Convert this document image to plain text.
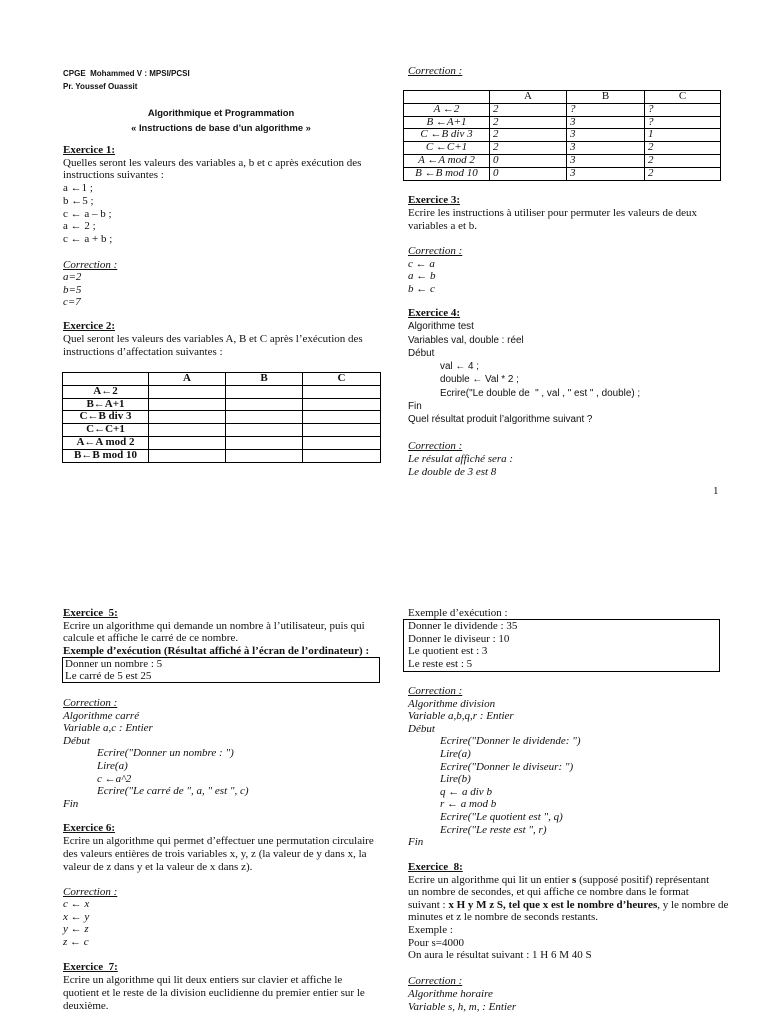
CPGE  Mohammed V : MPSI/PCSI
Pr. Youssef Ouassit
Algorithmique et Programmation
« Instructions de base d’un algorithme »
Exercice 1:
Quelles seront les valeurs des variables a, b et c après exécution des
instructions suivantes :
a ←1 ;
b ←5 ;
c ← a – b ;
a ← 2 ;
c ← a + b ;
Correction :
a=2
b=5
c=7
Exercice 2:
Quel seront les valeurs des variables A, B et C après l’exécution des
instructions d’affectation suivantes :
	A	B	C
A←2			
B←A+1			
C←B div 3			
C←C+1			
A←A mod 2			
B←B mod 10			
Correction :
	A	B	C
A ←2	2	?	?
B ←A+1	2	3	?
C ←B div 3	2	3	1
C ←C+1	2	3	2
A ←A mod 2	0	3	2
B ←B mod 10	0	3	2
Exercice 3:
Ecrire les instructions à utiliser pour permuter les valeurs de deux
variables a et b.
Correction :
c ← a
a ← b
b ← c
Exercice 4:
Algorithme test
Variables val, double : réel
Début
val ← 4 ;
double ← Val * 2 ;
Ecrire("Le double de  " , val , " est " , double) ;
Fin
Quel résultat produit l’algorithme suivant ?
Correction :
Le résulat affiché sera :
Le double de 3 est 8
1
Exercice  5:
Ecrire un algorithme qui demande un nombre à l’utilisateur, puis qui
calcule et affiche le carré de ce nombre.
Exemple d’exécution (Résultat affiché à l’écran de l’ordinateur) :
Donner un nombre : 5
Le carré de 5 est 25
Correction :
Algorithme carré
Variable a,c : Entier
Début
Ecrire("Donner un nombre : ")
Lire(a)
c ←a^2
Ecrire("Le carré de ", a, " est ", c)
Fin
Exercice 6:
Ecrire un algorithme qui permet d’effectuer une permutation circulaire
des valeurs entières de trois variables x, y, z (la valeur de y dans x, la
valeur de z dans y et la valeur de x dans z).
Correction :
c ← x
x ← y
y ← z
z ← c
Exercice  7:
Ecrire un algorithme qui lit deux entiers sur clavier et affiche le
quotient et le reste de la division euclidienne du premier entier sur le
deuxième.
Exemple d’exécution :
Donner le dividende : 35
Donner le diviseur : 10
Le quotient est : 3
Le reste est : 5
Correction :
Algorithme division
Variable a,b,q,r : Entier
Début
Ecrire("Donner le dividende: ")
Lire(a)
Ecrire("Donner le diviseur: ")
Lire(b)
q ← a div b
r ← a mod b
Ecrire("Le quotient est ", q)
Ecrire("Le reste est ", r)
Fin
Exercice  8:
Ecrire un algorithme qui lit un entier s (supposé positif) représentant
un nombre de secondes, et qui affiche ce nombre dans le format
suivant : x H y M z S, tel que x est le nombre d’heures, y le nombre de
minutes et z le nombre de seconds restants.
Exemple :
Pour s=4000
On aura le résultat suivant : 1 H 6 M 40 S
Correction :
Algorithme horaire
Variable s, h, m, : Entier
